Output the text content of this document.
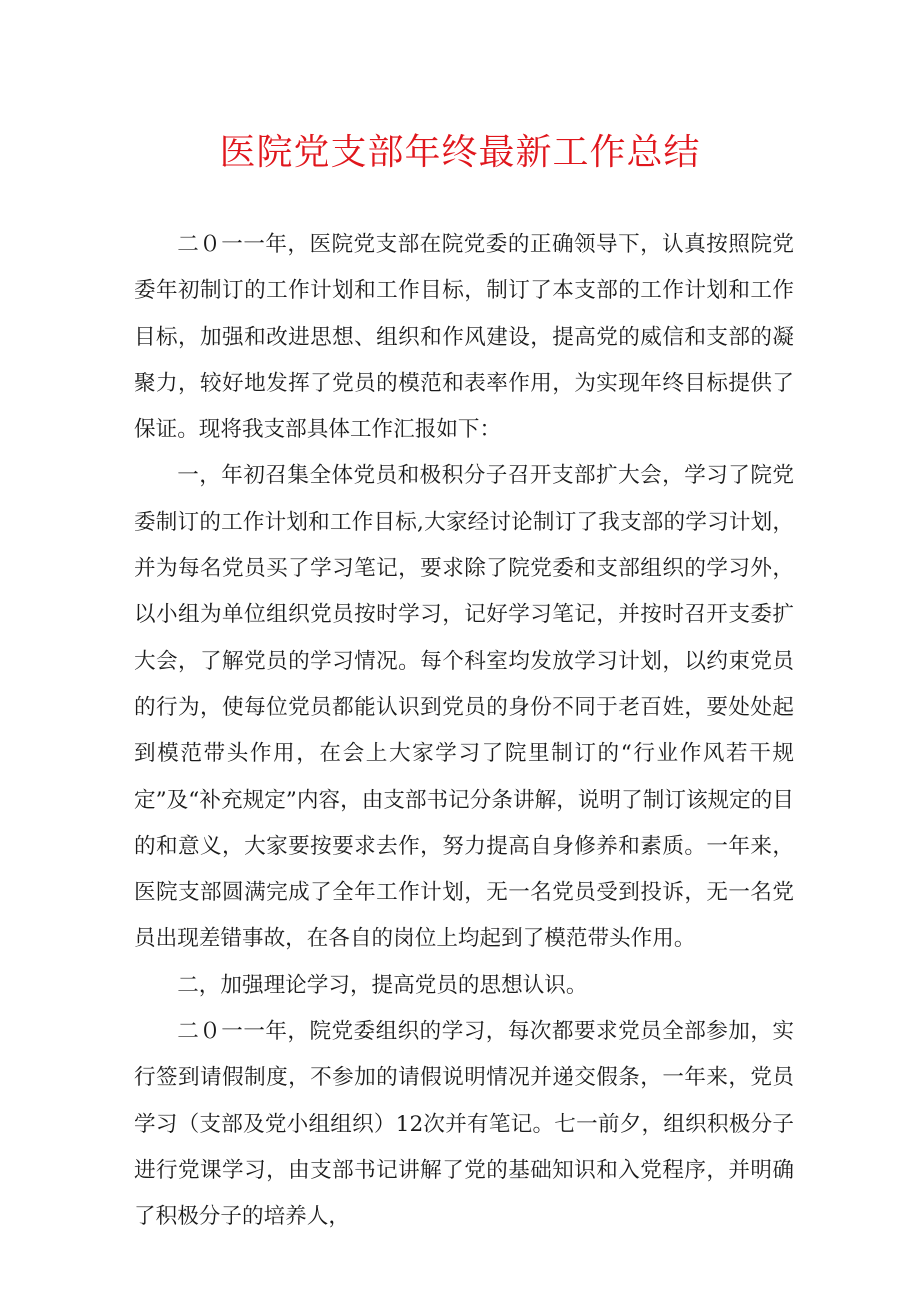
医院党支部年终最新工作总结

二０一一年，医院党支部在院党委的正确领导下，认真按照院党委年初制订的工作计划和工作目标，制订了本支部的工作计划和工作目标，加强和改进思想、组织和作风建设，提高党的威信和支部的凝聚力，较好地发挥了党员的模范和表率作用，为实现年终目标提供了保证。现将我支部具体工作汇报如下：

一，年初召集全体党员和极积分子召开支部扩大会，学习了院党委制订的工作计划和工作目标,大家经讨论制订了我支部的学习计划，并为每名党员买了学习笔记，要求除了院党委和支部组织的学习外，以小组为单位组织党员按时学习，记好学习笔记，并按时召开支委扩大会，了解党员的学习情况。每个科室均发放学习计划，以约束党员的行为，使每位党员都能认识到党员的身份不同于老百姓，要处处起到模范带头作用，在会上大家学习了院里制订的“行业作风若干规定”及“补充规定”内容，由支部书记分条讲解，说明了制订该规定的目的和意义，大家要按要求去作，努力提高自身修养和素质。一年来，医院支部圆满完成了全年工作计划，无一名党员受到投诉，无一名党员出现差错事故，在各自的岗位上均起到了模范带头作用。

二，加强理论学习，提高党员的思想认识。

二０一一年，院党委组织的学习，每次都要求党员全部参加，实行签到请假制度，不参加的请假说明情况并递交假条，一年来，党员学习（支部及党小组组织）12次并有笔记。七一前夕，组织积极分子进行党课学习，由支部书记讲解了党的基础知识和入党程序，并明确了积极分子的培养人，
